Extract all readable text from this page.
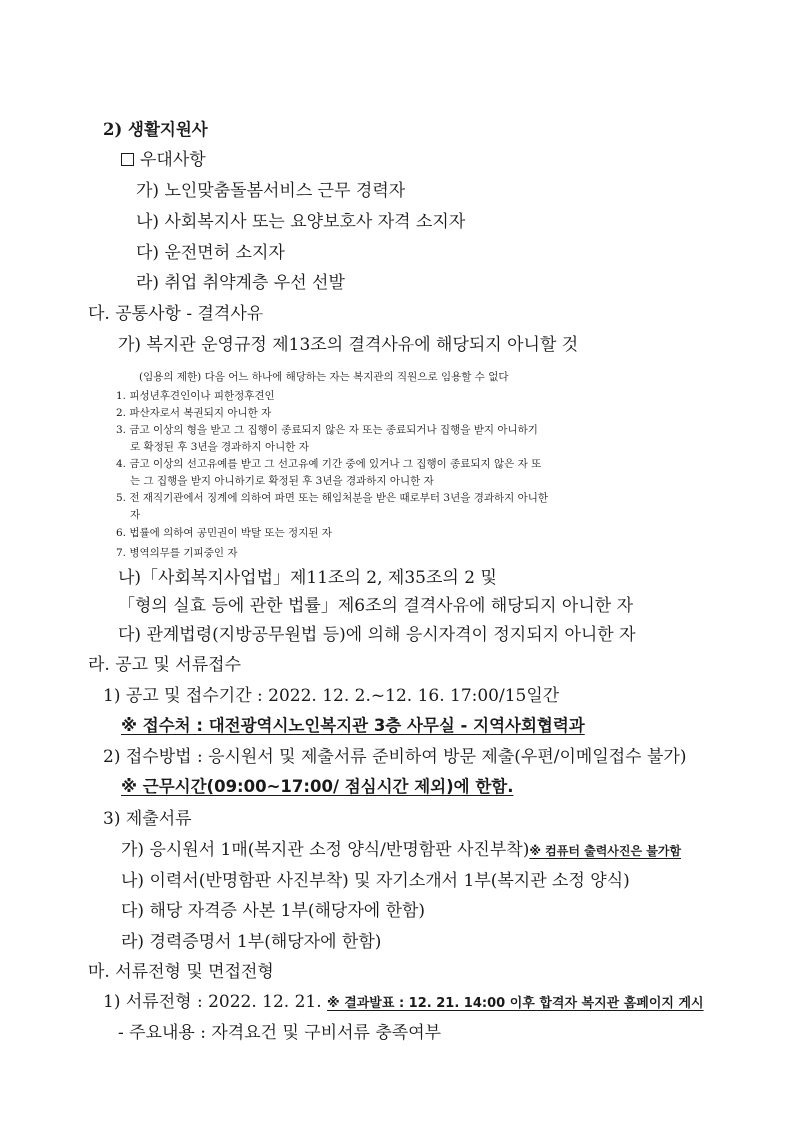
2) 생활지원사
우대사항
가) 노인맞춤돌봄서비스 근무 경력자
나) 사회복지사 또는 요양보호사 자격 소지자
다) 운전면허 소지자
라) 취업 취약계층 우선 선발
다. 공통사항 - 결격사유
가) 복지관 운영규정 제13조의 결격사유에 해당되지 아니할 것
(임용의 제한) 다음 어느 하나에 해당하는 자는 복지관의 직원으로 임용할 수 없다
1. 피성년후견인이나 피한정후견인
2. 파산자로서 복권되지 아니한 자
3. 금고 이상의 형을 받고 그 집행이 종료되지 않은 자 또는 종료되거나 집행을 받지 아니하기
로 확정된 후 3년을 경과하지 아니한 자
4. 금고 이상의 선고유예를 받고 그 선고유예 기간 중에 있거나 그 집행이 종료되지 않은 자 또
는 그 집행을 받지 아니하기로 확정된 후 3년을 경과하지 아니한 자
5. 전 재직기관에서 징계에 의하여 파면 또는 해임처분을 받은 때로부터 3년을 경과하지 아니한
자
6. 법률에 의하여 공민권이 박탈 또는 정지된 자
7. 병역의무를 기피중인 자
나)「사회복지사업법」제11조의 2, 제35조의 2 및
「형의 실효 등에 관한 법률」제6조의 결격사유에 해당되지 아니한 자
다) 관계법령(지방공무원법 등)에 의해 응시자격이 정지되지 아니한 자
라. 공고 및 서류접수
1) 공고 및 접수기간 : 2022. 12. 2.~12. 16. 17:00/15일간
※ 접수처 : 대전광역시노인복지관 3층 사무실 - 지역사회협력과
2) 접수방법 : 응시원서 및 제출서류 준비하여 방문 제출(우편/이메일접수 불가)
※ 근무시간(09:00~17:00/ 점심시간 제외)에 한함.
3) 제출서류
가) 응시원서 1매(복지관 소정 양식/반명함판 사진부착)※ 컴퓨터 출력사진은 불가함
나) 이력서(반명함판 사진부착) 및 자기소개서 1부(복지관 소정 양식)
다) 해당 자격증 사본 1부(해당자에 한함)
라) 경력증명서 1부(해당자에 한함)
마. 서류전형 및 면접전형
1) 서류전형 : 2022. 12. 21. ※ 결과발표 : 12. 21. 14:00 이후 합격자 복지관 홈페이지 게시
- 주요내용 : 자격요건 및 구비서류 충족여부
